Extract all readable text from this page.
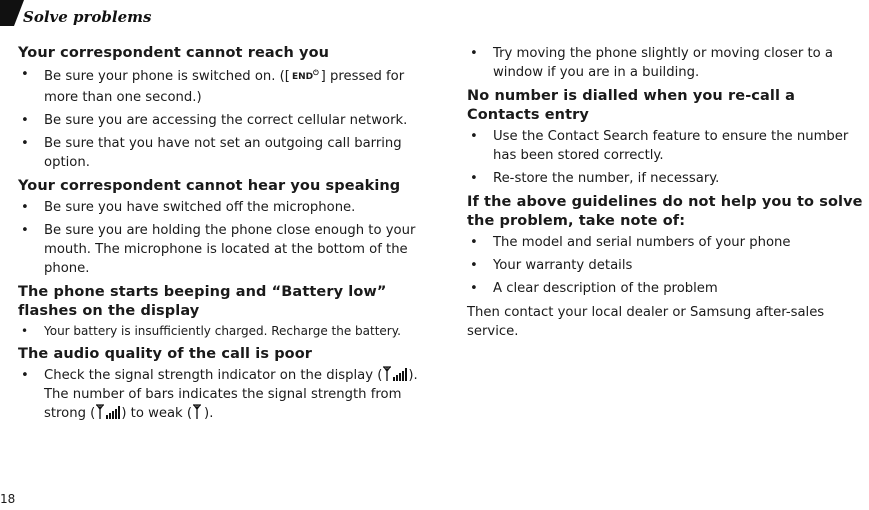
Solve problems
Your correspondent cannot reach you
• Be sure your phone is switched on. ([ END⏻ ] pressed for more than one second.)
• Be sure you are accessing the correct cellular network.
• Be sure that you have not set an outgoing call barring option.
Your correspondent cannot hear you speaking
• Be sure you have switched off the microphone.
• Be sure you are holding the phone close enough to your mouth. The microphone is located at the bottom of the phone.
The phone starts beeping and “Battery low” flashes on the display
• Your battery is insufficiently charged. Recharge the battery.
The audio quality of the call is poor
• Check the signal strength indicator on the display ( ). The number of bars indicates the signal strength from strong ( ) to weak ( ).
• Try moving the phone slightly or moving closer to a window if you are in a building.
No number is dialled when you re-call a Contacts entry
• Use the Contact Search feature to ensure the number has been stored correctly.
• Re-store the number, if necessary.
If the above guidelines do not help you to solve the problem, take note of:
• The model and serial numbers of your phone
• Your warranty details
• A clear description of the problem

Then contact your local dealer or Samsung after-sales service.

18
